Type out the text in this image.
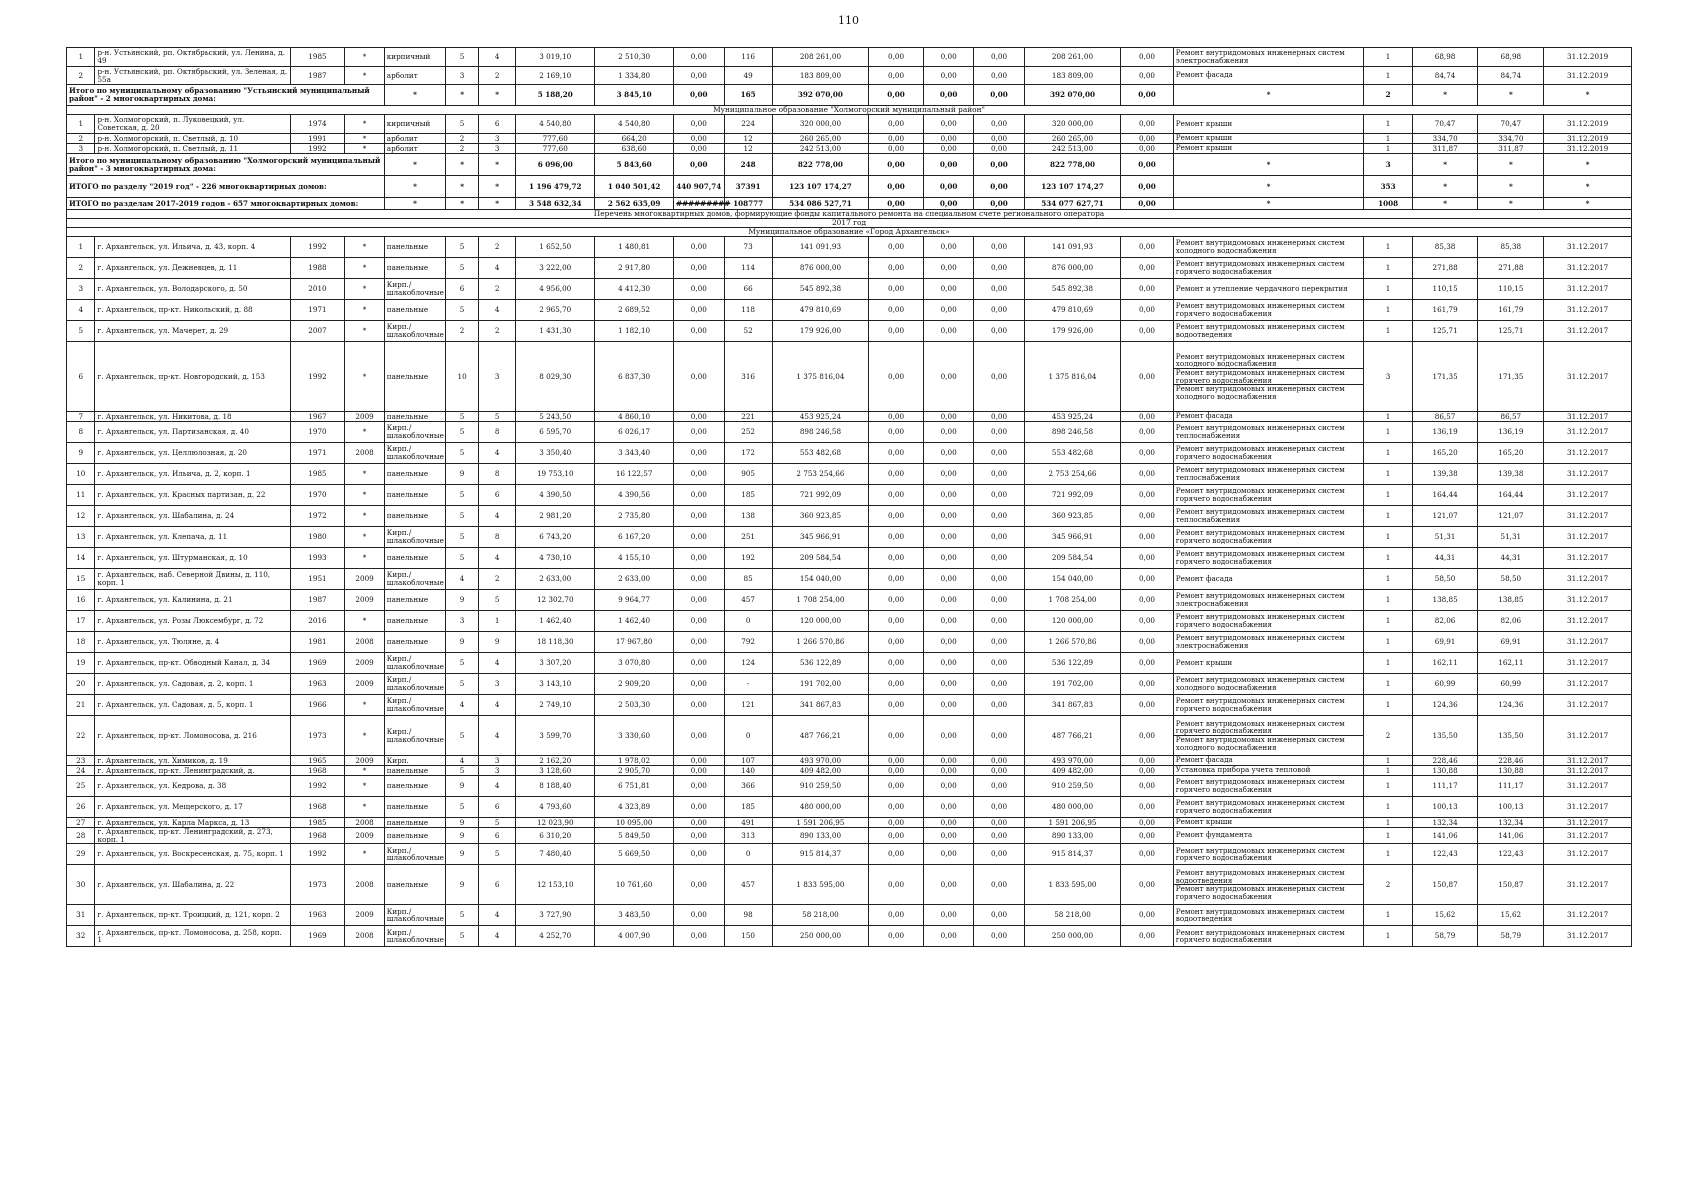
110
1	р-н. Устьянский, рп. Октябрьский, ул. Ленина, д. 49	1985	*	кирпичный	5	4	3 019,10	2 510,30	0,00	116	208 261,00	0,00	0,00	0,00	208 261,00	0,00	Ремонт внутридомовых инженерных систем электроснабжения	1	68,98	68,98	31.12.2019
2	р-н. Устьянский, рп. Октябрьский, ул. Зеленая, д. 55а	1987	*	арболит	3	2	2 169,10	1 334,80	0,00	49	183 809,00	0,00	0,00	0,00	183 809,00	0,00	Ремонт фасада	1	84,74	84,74	31.12.2019
Итого по муниципальному образованию "Устьянский муниципальный район" - 2 многоквартирных дома:				*	*	*	5 188,20	3 845,10	0,00	165	392 070,00	0,00	0,00	0,00	392 070,00	0,00	*	2	*	*	*
Муниципальное образование "Холмогорский муниципальный район"																					
1	р-н. Холмогорский, п. Луковецкий, ул. Советская, д. 20	1974	*	кирпичный	5	6	4 540,80	4 540,80	0,00	224	320 000,00	0,00	0,00	0,00	320 000,00	0,00	Ремонт крыши	1	70,47	70,47	31.12.2019
2	р-н. Холмогорский, п. Светлый, д. 10	1991	*	арболит	2	3	777,60	664,20	0,00	12	260 265,00	0,00	0,00	0,00	260 265,00	0,00	Ремонт крыши	1	334,70	334,70	31.12.2019
3	р-н. Холмогорский, п. Светлый, д. 11	1992	*	арболит	2	3	777,60	638,60	0,00	12	242 513,00	0,00	0,00	0,00	242 513,00	0,00	Ремонт крыши	1	311,87	311,87	31.12.2019
Итого по муниципальному образованию "Холмогорский муниципальный район" - 3 многоквартирных дома:				*	*	*	6 096,00	5 843,60	0,00	248	822 778,00	0,00	0,00	0,00	822 778,00	0,00	*	3	*	*	*
ИТОГО по разделу "2019 год" - 226 многоквартирных домов:				*	*	*	1 196 479,72	1 040 501,42	440 907,74	37391	123 107 174,27	0,00	0,00	0,00	123 107 174,27	0,00	*	353	*	*	*
ИТОГО по разделам 2017-2019 годов - 657 многоквартирных домов:				*	*	*	3 548 632,34	2 562 635,09	#########	108777	534 086 527,71	0,00	0,00	0,00	534 077 627,71	0,00	*	1008	*	*	*
Перечень многоквартирных домов, формирующие фонды капитального ремонта на специальном счете регионального оператора																					
2017 год																					
Муниципальное образование «Город Архангельск»																					
1	г. Архангельск, ул. Ильича, д. 43, корп. 4	1992	*	панельные	5	2	1 652,50	1 480,81	0,00	73	141 091,93	0,00	0,00	0,00	141 091,93	0,00	Ремонт внутридомовых инженерных систем холодного водоснабжения	1	85,38	85,38	31.12.2017
2	г. Архангельск, ул. Дежневцев, д. 11	1988	*	панельные	5	4	3 222,00	2 917,80	0,00	114	876 000,00	0,00	0,00	0,00	876 000,00	0,00	Ремонт внутридомовых инженерных систем горячего водоснабжения	1	271,88	271,88	31.12.2017
3	г. Архангельск, ул. Володарского, д. 50	2010	*	Кирп./ шлакоблочные	6	2	4 956,00	4 412,30	0,00	66	545 892,38	0,00	0,00	0,00	545 892,38	0,00	Ремонт и утепление чердачного перекрытия	1	110,15	110,15	31.12.2017
4	г. Архангельск, пр-кт. Никольский, д. 88	1971	*	панельные	5	4	2 965,70	2 689,52	0,00	118	479 810,69	0,00	0,00	0,00	479 810,69	0,00	Ремонт внутридомовых инженерных систем горячего водоснабжения	1	161,79	161,79	31.12.2017
5	г. Архангельск, ул. Мачерет, д. 29	2007	*	Кирп./ шлакоблочные	2	2	1 431,30	1 182,10	0,00	52	179 926,00	0,00	0,00	0,00	179 926,00	0,00	Ремонт внутридомовых инженерных систем водоотведения	1	125,71	125,71	31.12.2017
6	г. Архангельск, пр-кт. Новгородский, д. 153	1992	*	панельные	10	3	8 029,30	6 837,30	0,00	316	1 375 816,04	0,00	0,00	0,00	1 375 816,04	0,00	Ремонт внутридомовых инженерных систем холодного водоснабжения
Ремонт внутридомовых инженерных систем горячего водоснабжения
Ремонт внутридомовых инженерных систем холодного водоснабжения	3	171,35	171,35	31.12.2017
7	г. Архангельск, ул. Никитова, д. 18	1967	2009	панельные	5	5	5 243,50	4 860,10	0,00	221	453 925,24	0,00	0,00	0,00	453 925,24	0,00	Ремонт фасада	1	86,57	86,57	31.12.2017
8	г. Архангельск, ул. Партизанская, д. 40	1970	*	Кирп./ шлакоблочные	5	8	6 595,70	6 026,17	0,00	252	898 246,58	0,00	0,00	0,00	898 246,58	0,00	Ремонт внутридомовых инженерных систем теплоснабжения	1	136,19	136,19	31.12.2017
9	г. Архангельск, ул. Целлюлозная, д. 20	1971	2008	Кирп./ шлакоблочные	5	4	3 350,40	3 343,40	0,00	172	553 482,68	0,00	0,00	0,00	553 482,68	0,00	Ремонт внутридомовых инженерных систем горячего водоснабжения	1	165,20	165,20	31.12.2017
10	г. Архангельск, ул. Ильича, д. 2, корп. 1	1985	*	панельные	9	8	19 753,10	16 122,57	0,00	905	2 753 254,66	0,00	0,00	0,00	2 753 254,66	0,00	Ремонт внутридомовых инженерных систем теплоснабжения	1	139,38	139,38	31.12.2017
11	г. Архангельск, ул. Красных партизан, д. 22	1970	*	панельные	5	6	4 390,50	4 390,56	0,00	185	721 992,09	0,00	0,00	0,00	721 992,09	0,00	Ремонт внутридомовых инженерных систем горячего водоснабжения	1	164,44	164,44	31.12.2017
12	г. Архангельск, ул. Шабалина, д. 24	1972	*	панельные	5	4	2 981,20	2 735,80	0,00	138	360 923,85	0,00	0,00	0,00	360 923,85	0,00	Ремонт внутридомовых инженерных систем теплоснабжения	1	121,07	121,07	31.12.2017
13	г. Архангельск, ул. Клепача, д. 11	1980	*	Кирп./ шлакоблочные	5	8	6 743,20	6 167,20	0,00	251	345 966,91	0,00	0,00	0,00	345 966,91	0,00	Ремонт внутридомовых инженерных систем горячего водоснабжения	1	51,31	51,31	31.12.2017
14	г. Архангельск, ул. Штурманская, д. 10	1993	*	панельные	5	4	4 730,10	4 155,10	0,00	192	209 584,54	0,00	0,00	0,00	209 584,54	0,00	Ремонт внутридомовых инженерных систем горячего водоснабжения	1	44,31	44,31	31.12.2017
15	г. Архангельск, наб. Северной Двины, д. 110, корп. 1	1951	2009	Кирп./ шлакоблочные	4	2	2 633,00	2 633,00	0,00	85	154 040,00	0,00	0,00	0,00	154 040,00	0,00	Ремонт фасада	1	58,50	58,50	31.12.2017
16	г. Архангельск, ул. Калинина, д. 21	1987	2009	панельные	9	5	12 302,70	9 964,77	0,00	457	1 708 254,00	0,00	0,00	0,00	1 708 254,00	0,00	Ремонт внутридомовых инженерных систем электроснабжения	1	138,85	138,85	31.12.2017
17	г. Архангельск, ул. Розы Люксембург, д. 72	2016	*	панельные	3	1	1 462,40	1 462,40	0,00	0	120 000,00	0,00	0,00	0,00	120 000,00	0,00	Ремонт внутридомовых инженерных систем горячего водоснабжения	1	82,06	82,06	31.12.2017
18	г. Архангельск, ул. Тюляне, д. 4	1981	2008	панельные	9	9	18 118,30	17 967,80	0,00	792	1 266 570,86	0,00	0,00	0,00	1 266 570,86	0,00	Ремонт внутридомовых инженерных систем электроснабжения	1	69,91	69,91	31.12.2017
19	г. Архангельск, пр-кт. Обводный Канал, д. 34	1969	2009	Кирп./ шлакоблочные	5	4	3 307,20	3 070,80	0,00	124	536 122,89	0,00	0,00	0,00	536 122,89	0,00	Ремонт крыши	1	162,11	162,11	31.12.2017
20	г. Архангельск, ул. Садовая, д. 2, корп. 1	1963	2009	Кирп./ шлакоблочные	5	3	3 143,10	2 909,20	0,00	-	191 702,00	0,00	0,00	0,00	191 702,00	0,00	Ремонт внутридомовых инженерных систем холодного водоснабжения	1	60,99	60,99	31.12.2017
21	г. Архангельск, ул. Садовая, д. 5, корп. 1	1966	*	Кирп./ шлакоблочные	4	4	2 749,10	2 503,30	0,00	121	341 867,83	0,00	0,00	0,00	341 867,83	0,00	Ремонт внутридомовых инженерных систем горячего водоснабжения	1	124,36	124,36	31.12.2017
22	г. Архангельск, пр-кт. Ломоносова, д. 216	1973	*	Кирп./ шлакоблочные	5	4	3 599,70	3 330,60	0,00	0	487 766,21	0,00	0,00	0,00	487 766,21	0,00	Ремонт внутридомовых инженерных систем горячего водоснабжения
Ремонт внутридомовых инженерных систем холодного водоснабжения	2	135,50	135,50	31.12.2017
23	г. Архангельск, ул. Химиков, д. 19	1965	2009	Кирп.	4	3	2 162,20	1 978,02	0,00	107	493 970,00	0,00	0,00	0,00	493 970,00	0,00	Ремонт фасада	1	228,46	228,46	31.12.2017
24	г. Архангельск, пр-кт. Ленинградский, д.	1968	*	панельные	5	3	3 128,60	2 905,70	0,00	140	409 482,00	0,00	0,00	0,00	409 482,00	0,00	Установка прибора учета тепловой	1	130,88	130,88	31.12.2017
25	г. Архангельск, ул. Кедрова, д. 38	1992	*	панельные	9	4	8 188,40	6 751,81	0,00	366	910 259,50	0,00	0,00	0,00	910 259,50	0,00	Ремонт внутридомовых инженерных систем горячего водоснабжения	1	111,17	111,17	31.12.2017
26	г. Архангельск, ул. Мещерского, д. 17	1968	*	панельные	5	6	4 793,60	4 323,89	0,00	185	480 000,00	0,00	0,00	0,00	480 000,00	0,00	Ремонт внутридомовых инженерных систем горячего водоснабжения	1	100,13	100,13	31.12.2017
27	г. Архангельск, ул. Карла Маркса, д. 13	1985	2008	панельные	9	5	12 023,90	10 095,00	0,00	491	1 591 206,95	0,00	0,00	0,00	1 591 206,95	0,00	Ремонт крыши	1	132,34	132,34	31.12.2017
28	г. Архангельск, пр-кт. Ленинградский, д. 273, корп. 1	1968	2009	панельные	9	6	6 310,20	5 849,50	0,00	313	890 133,00	0,00	0,00	0,00	890 133,00	0,00	Ремонт фундамента	1	141,06	141,06	31.12.2017
29	г. Архангельск, ул. Воскресенская, д. 75, корп. 1	1992	*	Кирп./ шлакоблочные	9	5	7 480,40	5 669,50	0,00	0	915 814,37	0,00	0,00	0,00	915 814,37	0,00	Ремонт внутридомовых инженерных систем горячего водоснабжения	1	122,43	122,43	31.12.2017
30	г. Архангельск, ул. Шабалина, д. 22	1973	2008	панельные	9	6	12 153,10	10 761,60	0,00	457	1 833 595,00	0,00	0,00	0,00	1 833 595,00	0,00	Ремонт внутридомовых инженерных систем водоотведения
Ремонт внутридомовых инженерных систем горячего водоснабжения	2	150,87	150,87	31.12.2017
31	г. Архангельск, пр-кт. Троицкий, д. 121, корп. 2	1963	2009	Кирп./ шлакоблочные	5	4	3 727,90	3 483,50	0,00	98	58 218,00	0,00	0,00	0,00	58 218,00	0,00	Ремонт внутридомовых инженерных систем водоотведения	1	15,62	15,62	31.12.2017
32	г. Архангельск, пр-кт. Ломоносова, д. 258, корп. 1	1969	2008	Кирп./ шлакоблочные	5	4	4 252,70	4 007,90	0,00	150	250 000,00	0,00	0,00	0,00	250 000,00	0,00	Ремонт внутридомовых инженерных систем горячего водоснабжения	1	58,79	58,79	31.12.2017
